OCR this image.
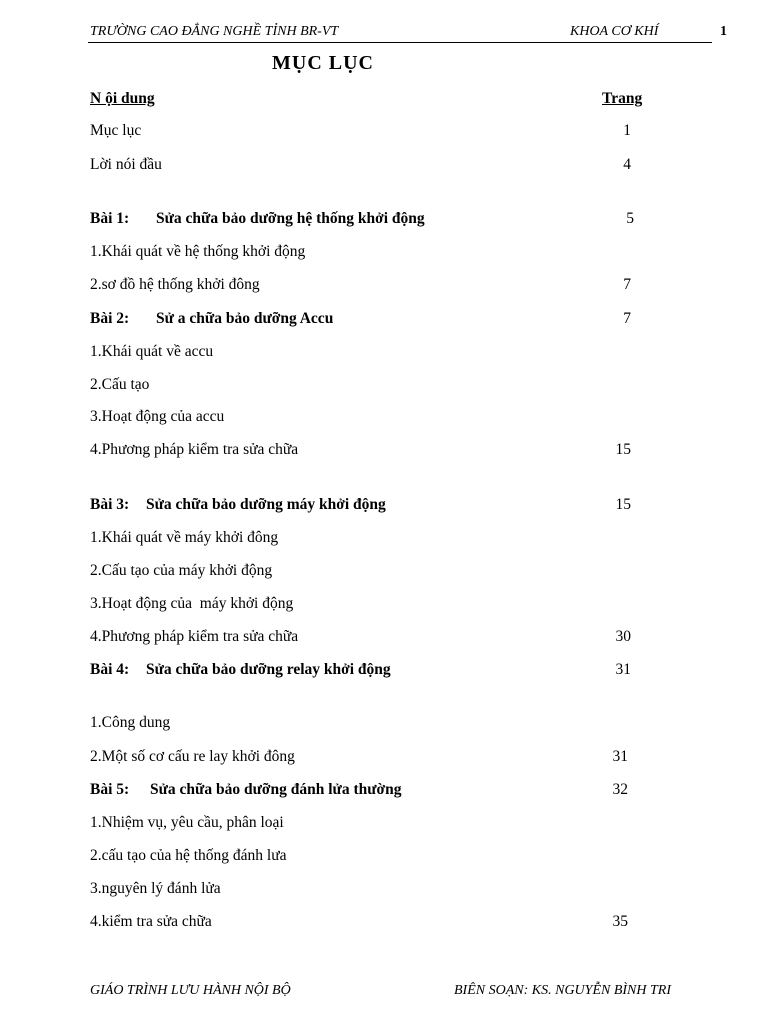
TRƯỜNG CAO ĐẲNG NGHỀ TỈNH BR-VT	KHOA CƠ KHÍ	1
MỤC LỤC
N ội dung	Trang
Mục lục	1
Lời nói đầu	4
Bài 1: Sửa chữa bảo dưỡng hệ thống khởi động	5
1.Khái quát về hệ thống khởi động
2.sơ đồ hệ thống khởi đông	7
Bài 2: Sử a chữa bảo dưỡng Accu	7
1.Khái quát về accu
2.Cấu tạo
3.Hoạt động của accu
4.Phương pháp kiểm tra sửa chữa	15
Bài 3: Sửa chữa bảo dưỡng máy khởi động	15
1.Khái quát về máy khởi đông
2.Cấu tạo của máy khởi động
3.Hoạt động của  máy khởi động
4.Phương pháp kiểm tra sửa chữa	30
Bài 4: Sửa chữa bảo dưỡng relay khởi động	31
1.Công dung
2.Một số cơ cấu re lay khởi đông	31
Bài 5: Sửa chữa bảo dưỡng đánh lửa thường	32
1.Nhiệm vụ, yêu cầu, phân loại
2.cấu tạo của hệ thống đánh lưa
3.nguyên lý đánh lửa
4.kiểm tra sửa chữa	35
GIÁO TRÌNH LƯU HÀNH NỘI BỘ	BIÊN SOẠN: KS. NGUYỄN BÌNH TRI
